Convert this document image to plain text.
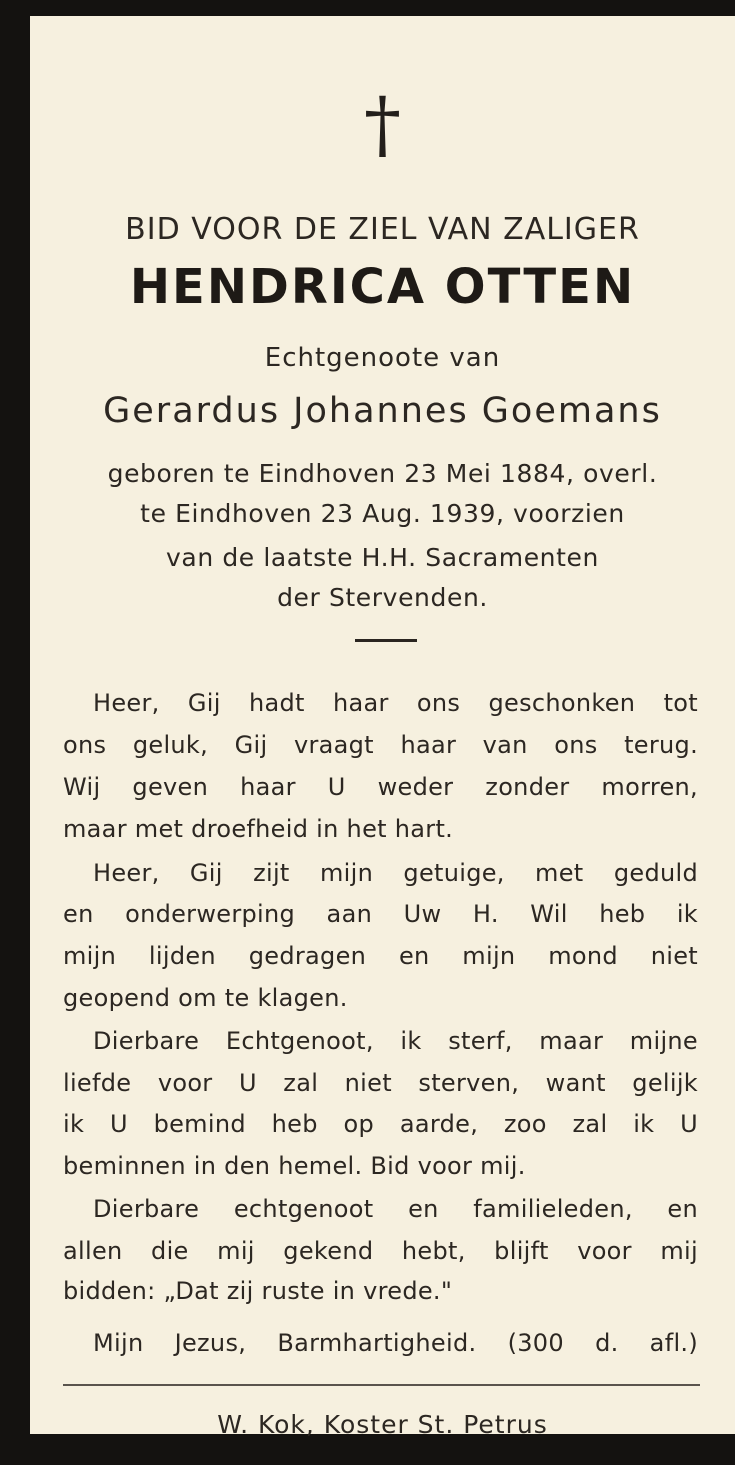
†
BID VOOR DE ZIEL VAN ZALIGER
HENDRICA OTTEN
Echtgenoote van
Gerardus Johannes Goemans
geboren te Eindhoven 23 Mei 1884, overl.
te Eindhoven 23 Aug. 1939, voorzien
van de laatste H.H. Sacramenten
der Stervenden.
Heer, Gij hadt haar ons geschonken tot
ons geluk, Gij vraagt haar van ons terug.
Wij geven haar U weder zonder morren,
maar met droefheid in het hart.
Heer, Gij zijt mijn getuige, met geduld
en onderwerping aan Uw H. Wil heb ik
mijn lijden gedragen en mijn mond niet
geopend om te klagen.
Dierbare Echtgenoot, ik sterf, maar mijne
liefde voor U zal niet sterven, want gelijk
ik U bemind heb op aarde, zoo zal ik U
beminnen in den hemel. Bid voor mij.
Dierbare echtgenoot en familieleden, en
allen die mij gekend hebt, blijft voor mij
bidden: „Dat zij ruste in vrede."
Mijn Jezus, Barmhartigheid. (300 d. afl.)
W. Kok, Koster St. Petrus
